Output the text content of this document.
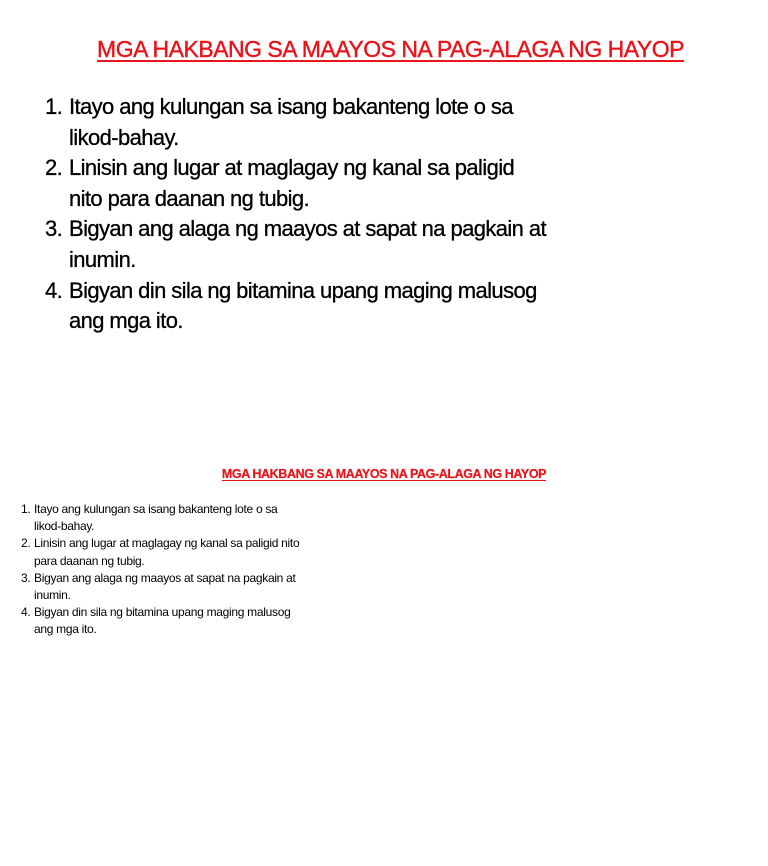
MGA HAKBANG SA MAAYOS NA PAG-ALAGA NG HAYOP
1. Itayo ang kulungan sa isang bakanteng lote o sa likod-bahay.
2. Linisin ang lugar at maglagay ng kanal sa paligid nito para daanan ng tubig.
3. Bigyan ang alaga ng maayos at sapat na pagkain at inumin.
4. Bigyan din sila ng bitamina upang maging malusog ang mga ito.
MGA HAKBANG SA MAAYOS NA PAG-ALAGA NG HAYOP
1. Itayo ang kulungan sa isang bakanteng lote o sa likod-bahay.
2. Linisin ang lugar at maglagay ng kanal sa paligid nito para daanan ng tubig.
3. Bigyan ang alaga ng maayos at sapat na pagkain at inumin.
4. Bigyan din sila ng bitamina upang maging malusog ang mga ito.
